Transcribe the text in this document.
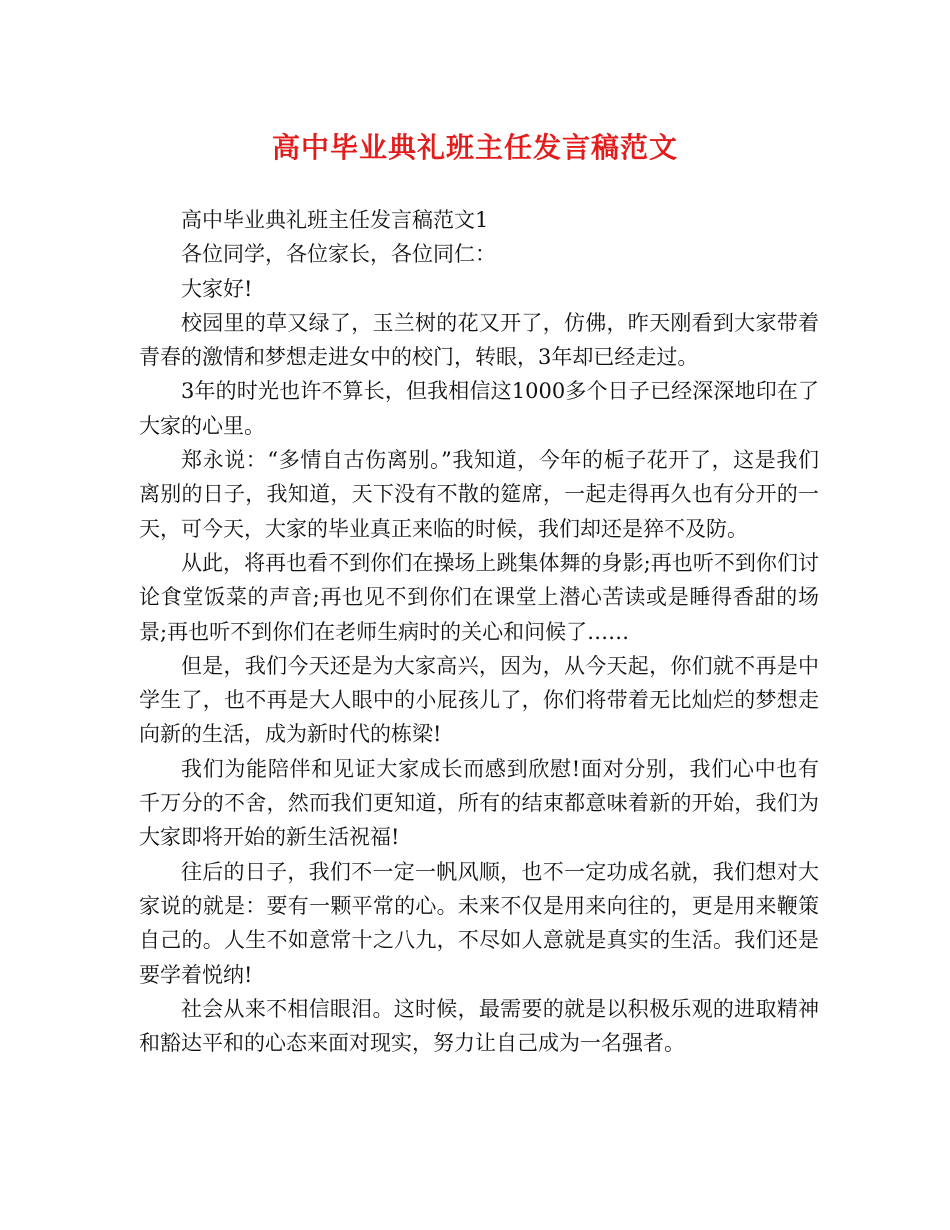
高中毕业典礼班主任发言稿范文

高中毕业典礼班主任发言稿范文1

各位同学，各位家长，各位同仁：

大家好!

校园里的草又绿了，玉兰树的花又开了，仿佛，昨天刚看到大家带着青春的激情和梦想走进女中的校门，转眼，3年却已经走过。

3年的时光也许不算长，但我相信这1000多个日子已经深深地印在了大家的心里。

郑永说：“多情自古伤离别。”我知道，今年的栀子花开了，这是我们离别的日子，我知道，天下没有不散的筵席，一起走得再久也有分开的一天，可今天，大家的毕业真正来临的时候，我们却还是猝不及防。

从此，将再也看不到你们在操场上跳集体舞的身影;再也听不到你们讨论食堂饭菜的声音;再也见不到你们在课堂上潜心苦读或是睡得香甜的场景;再也听不到你们在老师生病时的关心和问候了……

但是，我们今天还是为大家高兴，因为，从今天起，你们就不再是中学生了，也不再是大人眼中的小屁孩儿了，你们将带着无比灿烂的梦想走向新的生活，成为新时代的栋梁!

我们为能陪伴和见证大家成长而感到欣慰!面对分别，我们心中也有千万分的不舍，然而我们更知道，所有的结束都意味着新的开始，我们为大家即将开始的新生活祝福!

往后的日子，我们不一定一帆风顺，也不一定功成名就，我们想对大家说的就是：要有一颗平常的心。未来不仅是用来向往的，更是用来鞭策自己的。人生不如意常十之八九，不尽如人意就是真实的生活。我们还是要学着悦纳!

社会从来不相信眼泪。这时候，最需要的就是以积极乐观的进取精神和豁达平和的心态来面对现实，努力让自己成为一名强者。
